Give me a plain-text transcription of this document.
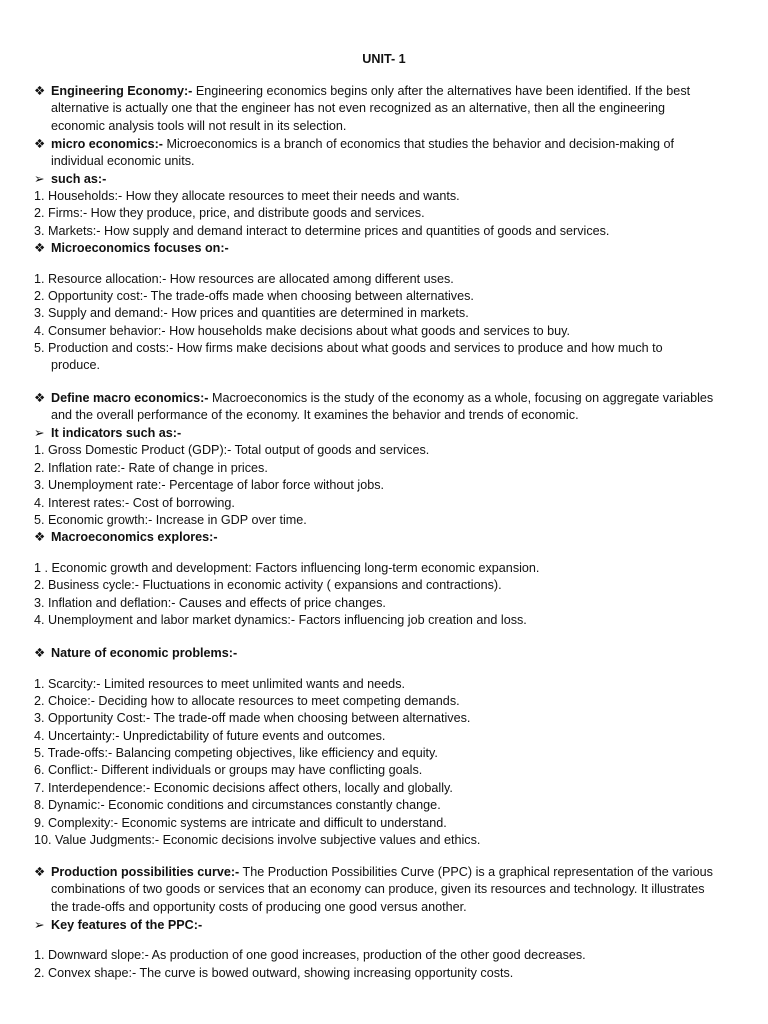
UNIT- 1
❖ Engineering Economy:- Engineering economics begins only after the alternatives have been identified. If the best
alternative is actually one that the engineer has not even recognized as an alternative, then all the engineering
economic analysis tools will not result in its selection.
❖ micro economics:- Microeconomics is a branch of economics that studies the behavior and decision-making of
individual economic units.
➢ such as:-
1. Households:- How they allocate resources to meet their needs and wants.
2. Firms:- How they produce, price, and distribute goods and services.
3. Markets:- How supply and demand interact to determine prices and quantities of goods and services.
❖ Microeconomics focuses on:-
1. Resource allocation:- How resources are allocated among different uses.
2. Opportunity cost:- The trade-offs made when choosing between alternatives.
3. Supply and demand:- How prices and quantities are determined in markets.
4. Consumer behavior:- How households make decisions about what goods and services to buy.
5. Production and costs:- How firms make decisions about what goods and services to produce and how much to
produce.
❖ Define macro economics:- Macroeconomics is the study of the economy as a whole, focusing on aggregate variables
and the overall performance of the economy. It examines the behavior and trends of economic.
➢ It indicators such as:-
1. Gross Domestic Product (GDP):- Total output of goods and services.
2. Inflation rate:- Rate of change in prices.
3. Unemployment rate:- Percentage of labor force without jobs.
4. Interest rates:- Cost of borrowing.
5. Economic growth:- Increase in GDP over time.
❖ Macroeconomics explores:-
1 . Economic growth and development: Factors influencing long-term economic expansion.
2. Business cycle:- Fluctuations in economic activity ( expansions and contractions).
3. Inflation and deflation:- Causes and effects of price changes.
4. Unemployment and labor market dynamics:- Factors influencing job creation and loss.
❖ Nature of economic problems:-
1. Scarcity:- Limited resources to meet unlimited wants and needs.
2. Choice:- Deciding how to allocate resources to meet competing demands.
3. Opportunity Cost:- The trade-off made when choosing between alternatives.
4. Uncertainty:- Unpredictability of future events and outcomes.
5. Trade-offs:- Balancing competing objectives, like efficiency and equity.
6. Conflict:- Different individuals or groups may have conflicting goals.
7. Interdependence:- Economic decisions affect others, locally and globally.
8. Dynamic:- Economic conditions and circumstances constantly change.
9. Complexity:- Economic systems are intricate and difficult to understand.
10. Value Judgments:- Economic decisions involve subjective values and ethics.
❖ Production possibilities curve:- The Production Possibilities Curve (PPC) is a graphical representation of the various
combinations of two goods or services that an economy can produce, given its resources and technology. It illustrates
the trade-offs and opportunity costs of producing one good versus another.
➢ Key features of the PPC:-
1. Downward slope:- As production of one good increases, production of the other good decreases.
2. Convex shape:- The curve is bowed outward, showing increasing opportunity costs.
